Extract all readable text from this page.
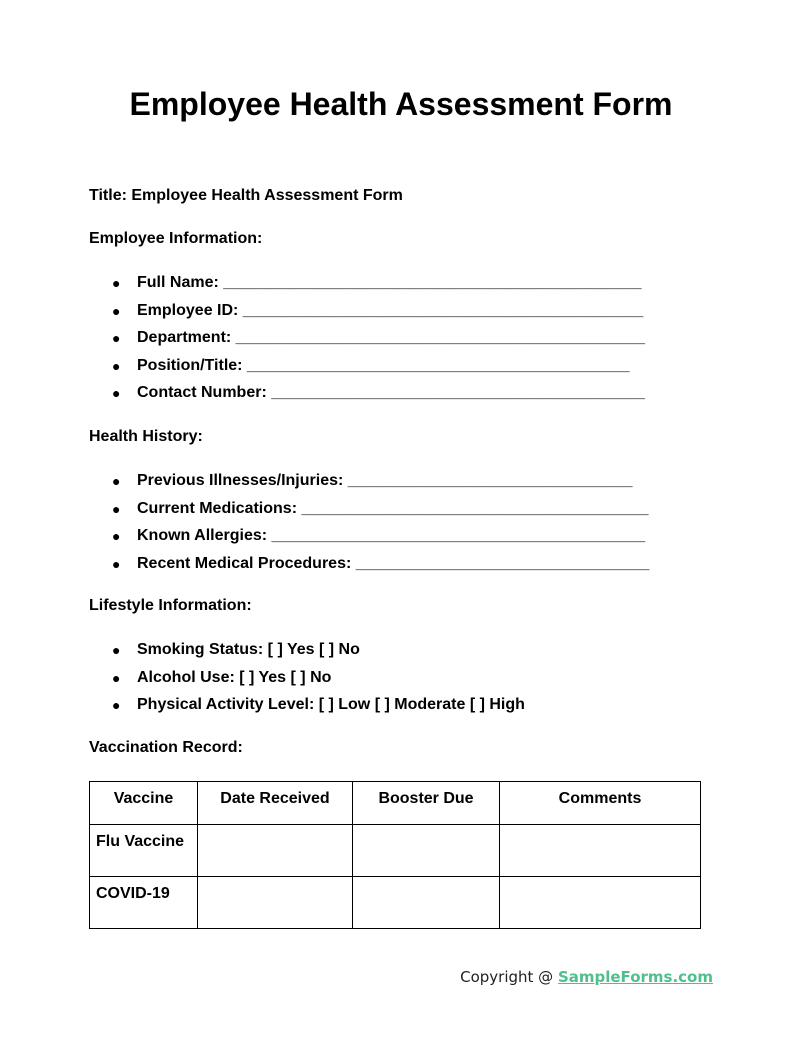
Employee Health Assessment Form

Title: Employee Health Assessment Form

Employee Information:

● Full Name: _______________________________________________
● Employee ID: _____________________________________________
● Department: ______________________________________________
● Position/Title: ___________________________________________
● Contact Number: __________________________________________

Health History:

● Previous Illnesses/Injuries: ________________________________
● Current Medications: _______________________________________
● Known Allergies: __________________________________________
● Recent Medical Procedures: _________________________________

Lifestyle Information:

● Smoking Status: [ ] Yes [ ] No
● Alcohol Use: [ ] Yes [ ] No
● Physical Activity Level: [ ] Low [ ] Moderate [ ] High

Vaccination Record:

Vaccine	Date Received	Booster Due	Comments
Flu Vaccine			
COVID-19			
Copyright @ SampleForms.com
